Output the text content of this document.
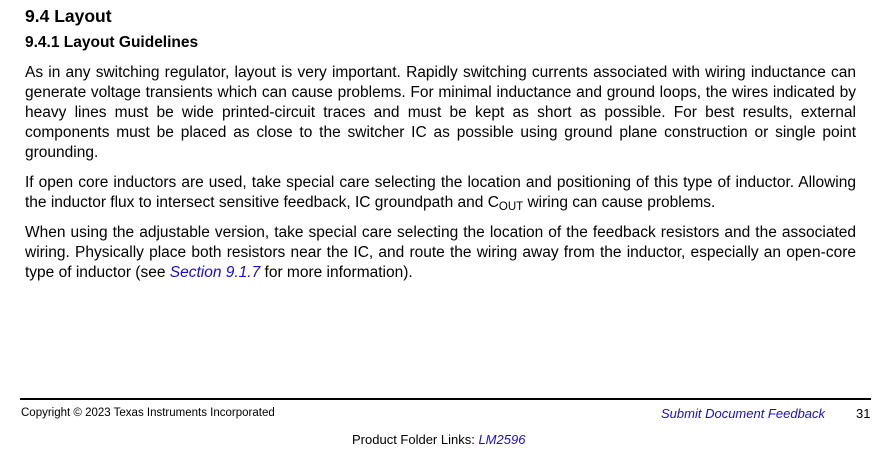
9.4 Layout
9.4.1 Layout Guidelines

As in any switching regulator, layout is very important. Rapidly switching currents associated with wiring inductance can generate voltage transients which can cause problems. For minimal inductance and ground loops, the wires indicated by heavy lines must be wide printed-circuit traces and must be kept as short as possible. For best results, external components must be placed as close to the switcher IC as possible using ground plane construction or single point grounding.

If open core inductors are used, take special care selecting the location and positioning of this type of inductor. Allowing the inductor flux to intersect sensitive feedback, IC groundpath and $C_{OUT}$ wiring can cause problems.

When using the adjustable version, take special care selecting the location of the feedback resistors and the associated wiring. Physically place both resistors near the IC, and route the wiring away from the inductor, especially an open-core type of inductor (see Section 9.1.7 for more information).

Copyright © 2023 Texas Instruments Incorporated	Submit Document Feedback 31
Product Folder Links: LM2596
